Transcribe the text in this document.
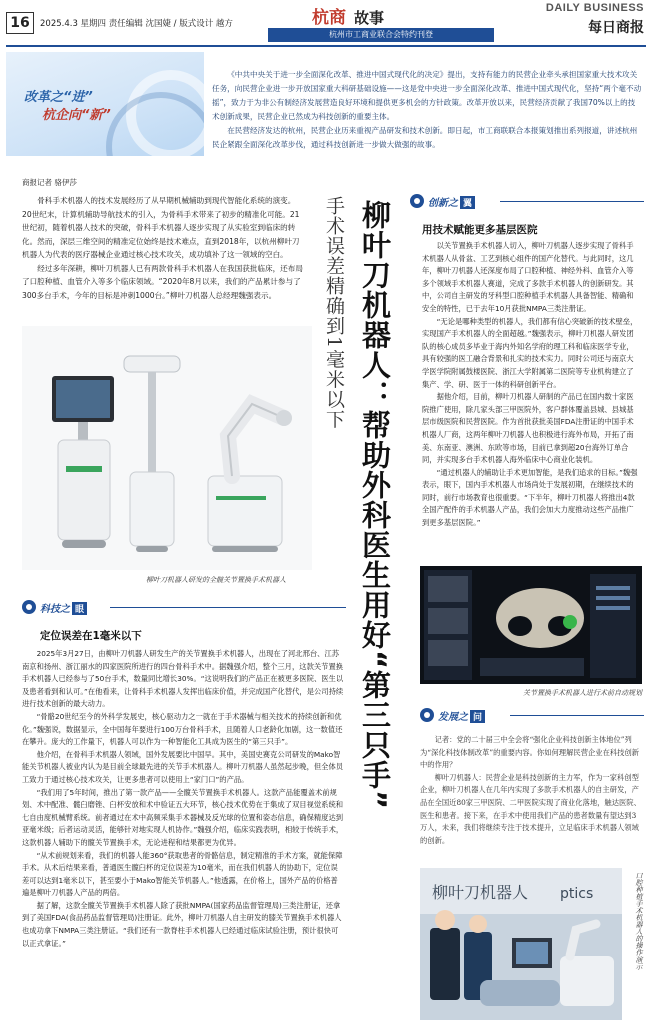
16	2025.4.3 星期四 责任编辑 沈国婕 / 版式设计 越方	杭商 故事
杭州市工商业联合会特约刊登
DAILY BUSINESS
每日商报
改革之“进”
杭企向“新”

《中共中央关于进一步全面深化改革、推进中国式现代化的决定》提出，支持有能力的民营企业牵头承担国家重大技术攻关任务，向民营企业进一步开放国家重大科研基础设施——这是党中央进一步全面深化改革、推进中国式现代化，坚持“两个毫不动摇”，致力于为非公有制经济发展营造良好环境和提供更多机会的方针政策。改革开放以来，民营经济贡献了我国70%以上的技术创新成果，民营企业已然成为科技创新的重要主体。

在民营经济发达的杭州，民营企业历来重视产品研发和技术创新。即日起，市工商联联合本报策划推出系列报道，讲述杭州民企紧跟全面深化改革步伐，通过科技创新进一步做大做强的故事。

柳叶刀机器人：帮助外科医生用好“第三只手”
手术误差精确到1毫米以下
商报记者 骆伊莎

骨科手术机器人的技术发展经历了从早期机械辅助到现代智能化系统的演变。20世纪末，计算机辅助导航技术的引入，为骨科手术带来了初步的精准化可能。21世纪初，随着机器人技术的突破，骨科手术机器人逐步实现了从实验室到临床的转化。然而，深层三维空间的精准定位始终是技术难点，直到2018年，以杭州柳叶刀机器人为代表的医疗器械企业通过核心技术攻关，成功填补了这一领域的空白。

经过多年深耕，柳叶刀机器人已有两款骨科手术机器人在我国获批临床，还布局了口腔种植、血管介入等多个临床领域。“2020年8月以来，我们的产品累计参与了300多台手术，今年的目标是冲刺1000台。”柳叶刀机器人总经理魏强表示。

柳叶刀机器人研发的全髋关节置换手术机器人
科技之 眼
定位误差在1毫米以下

2025年3月27日，由柳叶刀机器人研发生产的关节置换手术机器人，出现在了河北邢台、江苏南京和扬州、浙江丽水的四家医院所进行的四台骨科手术中。据魏强介绍，整个三月，这款关节置换手术机器人已经参与了50台手术，数量同比增长30%。“这说明我们的产品正在被更多医院、医生以及患者看到和认可。”在他看来，让骨科手术机器人发挥出临床价值，并完成国产化替代，是公司持续进行技术创新的最大动力。

“骨骼20世纪至今的外科学发展史，核心驱动力之一就在于手术器械与相关技术的持续创新和优化。”魏强说，数据显示，全中国每年要进行100万台骨科手术，且随着人口老龄化加剧，这一数值还在攀升。庞大的工作量下，机器人可以作为一种智能化工具成为医生的“第三只手”。

他介绍，在骨科手术机器人领域，国外发展要比中国早。其中，美国史赛克公司研发的Mako智能关节机器人被业内认为是目前全球最先进的关节手术机器人。柳叶刀机器人虽然起步晚，但全体员工致力于通过核心技术攻关，让更多患者可以使用上“家门口”的产品。

“我们用了5年时间，推出了第一款产品——全髋关节置换手术机器人。这款产品能覆盖术前规划、术中配准、髋臼磨锉、臼杯安放和术中验证五大环节，核心技术优势在于集成了双目视觉系统和七自由度机械臂系统。前者通过在术中高频采集手术器械及反光球的位置和姿态信息，确保精度达到亚毫米级；后者运动灵活，能够针对地实现人机协作。”魏强介绍，临床实践表明，相较于传统手术，这款机器人辅助下的髋关节置换手术，无论进程和结果都更为优异。

“从术前规划来看，我们的机器人能360°获取患者的骨骼信息，制定精准的手术方案，就能保障手术。从术后结果来看，普通医生髋臼杯的定位误差为10毫米，而在我们机器人的协助下，定位误差可以达到1毫米以下，甚至要小于Mako智能关节机器人。”他透露，在价格上，国外产品的价格普遍是柳叶刀机器人产品的两倍。

据了解，这款全髋关节置换手术机器人除了获批NMPA(国家药品监督管理局)三类注册证，还拿到了美国FDA(食品药品监督管理局)注册证。此外，柳叶刀机器人自主研发的膝关节置换手术机器人也成功拿下NMPA三类注册证。“我们还有一款脊柱手术机器人已经通过临床试验注册，预计很快可以正式拿证。”

创新之 翼
用技术赋能更多基层医院

以关节置换手术机器人切入，柳叶刀机器人逐步实现了骨科手术机器人从骨盆、工艺到核心组件的国产化替代。与此同时，这几年，柳叶刀机器人还深度布局了口腔种植、神经外科、血管介入等多个领域手术机器人赛道，完成了多款手术机器人的创新研发。其中，公司自主研发的牙科型口腔种植手术机器人具备智能、精确和安全的特性，已于去年10月获批NMPA三类注册证。

“无论是哪种类型的机器人，我们都有信心突破新的技术壁垒，实现国产手术机器人的全面超越。”魏强表示，柳叶刀机器人研发团队的核心成员多毕业于海内外知名学府的理工科和临床医学专业，具有较强的医工融合背景和扎实的技术实力。同时公司还与南京大学医学院附属鼓楼医院、浙江大学附属第二医院等专业机构建立了集产、学、研、医于一体的科研创新平台。

据他介绍，目前，柳叶刀机器人研制的产品已在国内数十家医院推广使用，除几家头部三甲医院外，客户群体覆盖县城、县城基层市级医院和民营医院。作为首批获批美国FDA注册证的中国手术机器人厂商，这两年柳叶刀机器人也积极进行海外布局，开拓了南美、东南亚、澳洲、东欧等市场，目前已拿到超20台海外订单合同，并实现多台手术机器人海外临床中心商业化装机。

“通过机器人的辅助让手术更加智能，是我们追求的目标。”魏强表示，眼下，国内手术机器人市场尚处于发展初期，在继续技术的同时，前行市场教育也很重要。“下半年，柳叶刀机器人将推出4款全国产配件的手术机器人产品，我们会加大力度推动这些产品推广到更多基层医院。”

关节置换手术机器人进行术前自动规划
发展之 问

记者：党的二十届三中全会将“强化企业科技创新主体地位”列为“深化科技体制改革”的重要内容。你如何理解民营企业在科技创新中的作用？

柳叶刀机器人：民营企业是科技创新的主力军，作为一家科创型企业，柳叶刀机器人在几年内实现了多款手术机器人的自主研发，产品在全国近80家三甲医院、二甲医院实现了商业化落地，触达医院、医生和患者。接下来，在手术中使用我们产品的患者数量有望达到3万人，未来，我们将继续专注于技术提升，立足临床手术机器人领域的创新。

柳叶刀机器人 ptics	口腔种植手术机器人的操作演示
